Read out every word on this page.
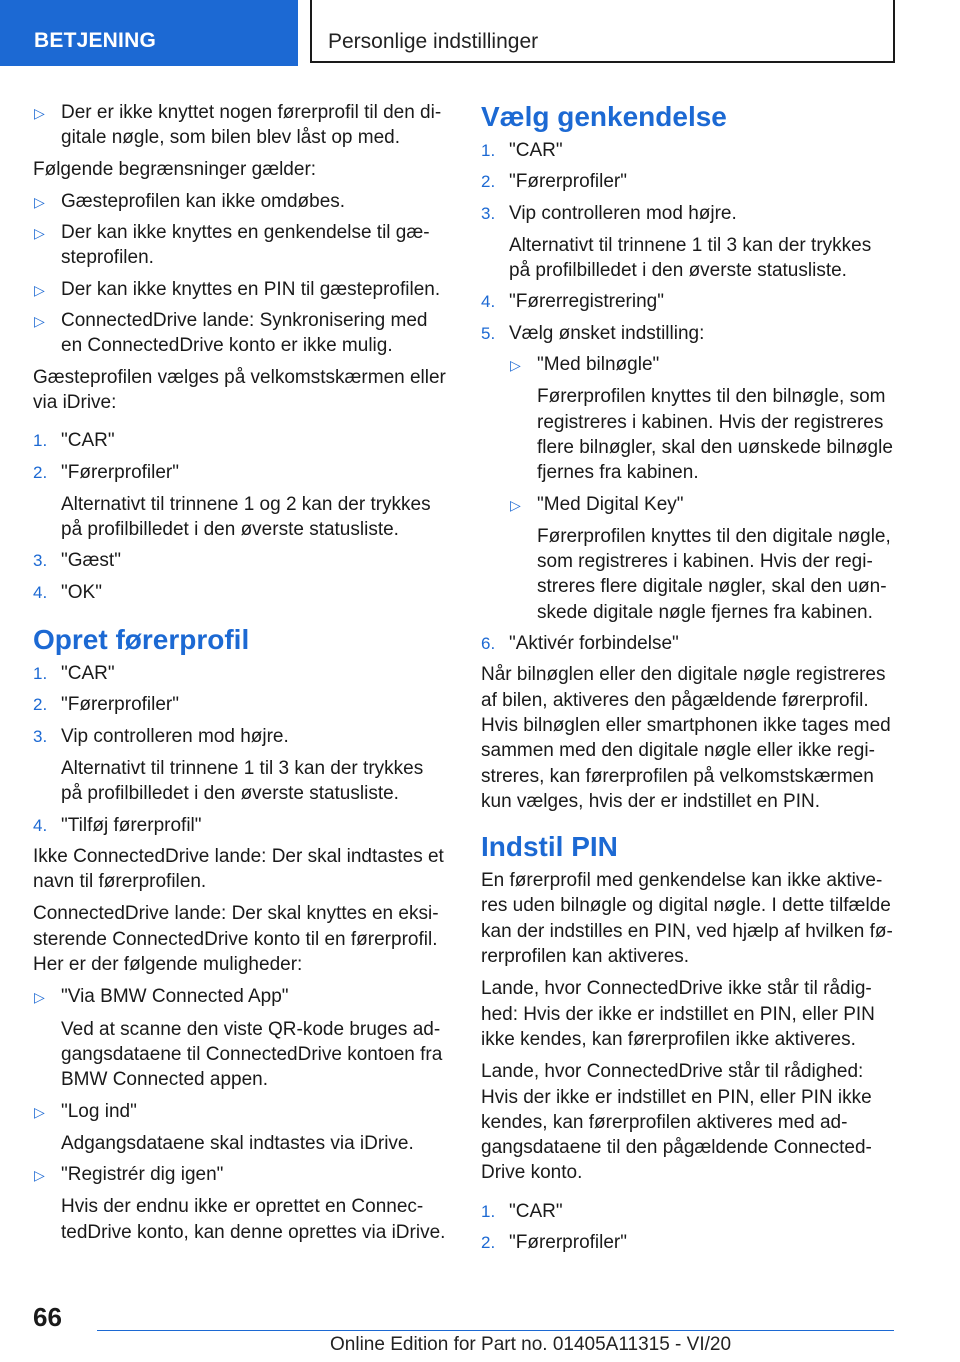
BETJENING	Personlige indstillinger
▷ Der er ikke knyttet nogen førerprofil til den di-gitale nøgle, som bilen blev låst op med.
Følgende begrænsninger gælder:
▷ Gæsteprofilen kan ikke omdøbes.
▷ Der kan ikke knyttes en genkendelse til gæ-steprofilen.
▷ Der kan ikke knyttes en PIN til gæsteprofilen.
▷ ConnectedDrive lande: Synkronisering med en ConnectedDrive konto er ikke mulig.
Gæsteprofilen vælges på velkomstskærmen eller via iDrive:
1. "CAR"
2. "Førerprofiler"
Alternativt til trinnene 1 og 2 kan der trykkes på profilbilledet i den øverste statusliste.
3. "Gæst"
4. "OK"
Opret førerprofil
1. "CAR"
2. "Førerprofiler"
3. Vip controlleren mod højre.
Alternativt til trinnene 1 til 3 kan der trykkes på profilbilledet i den øverste statusliste.
4. "Tilføj førerprofil"
Ikke ConnectedDrive lande: Der skal indtastes et navn til førerprofilen.
ConnectedDrive lande: Der skal knyttes en eksi-sterende ConnectedDrive konto til en førerprofil. Her er der følgende muligheder:
▷ "Via BMW Connected App"
Ved at scanne den viste QR-kode bruges ad-gangsdataene til ConnectedDrive kontoen fra BMW Connected appen.
▷ "Log ind"
Adgangsdataene skal indtastes via iDrive.
▷ "Registrér dig igen"
Hvis der endnu ikke er oprettet en Connec-tedDrive konto, kan denne oprettes via iDrive.
Vælg genkendelse
1. "CAR"
2. "Førerprofiler"
3. Vip controlleren mod højre.
Alternativt til trinnene 1 til 3 kan der trykkes på profilbilledet i den øverste statusliste.
4. "Førerregistrering"
5. Vælg ønsket indstilling:
▷ "Med bilnøgle"
Førerprofilen knyttes til den bilnøgle, som registreres i kabinen. Hvis der registreres flere bilnøgler, skal den uønskede bilnøgle fjernes fra kabinen.
▷ "Med Digital Key"
Førerprofilen knyttes til den digitale nøgle, som registreres i kabinen. Hvis der regi-streres flere digitale nøgler, skal den uøn-skede digitale nøgle fjernes fra kabinen.
6. "Aktivér forbindelse"
Når bilnøglen eller den digitale nøgle registreres af bilen, aktiveres den pågældende førerprofil. Hvis bilnøglen eller smartphonen ikke tages med sammen med den digitale nøgle eller ikke regi-streres, kan førerprofilen på velkomstskærmen kun vælges, hvis der er indstillet en PIN.
Indstil PIN
En førerprofil med genkendelse kan ikke aktive-res uden bilnøgle og digital nøgle. I dette tilfælde kan der indstilles en PIN, ved hjælp af hvilken fø-rerprofilen kan aktiveres.
Lande, hvor ConnectedDrive ikke står til rådig-hed: Hvis der ikke er indstillet en PIN, eller PIN ikke kendes, kan førerprofilen ikke aktiveres.
Lande, hvor ConnectedDrive står til rådighed: Hvis der ikke er indstillet en PIN, eller PIN ikke kendes, kan førerprofilen aktiveres med ad-gangsdataene til den pågældende Connected-Drive konto.
1. "CAR"
2. "Førerprofiler"
66
Online Edition for Part no. 01405A11315 - VI/20
